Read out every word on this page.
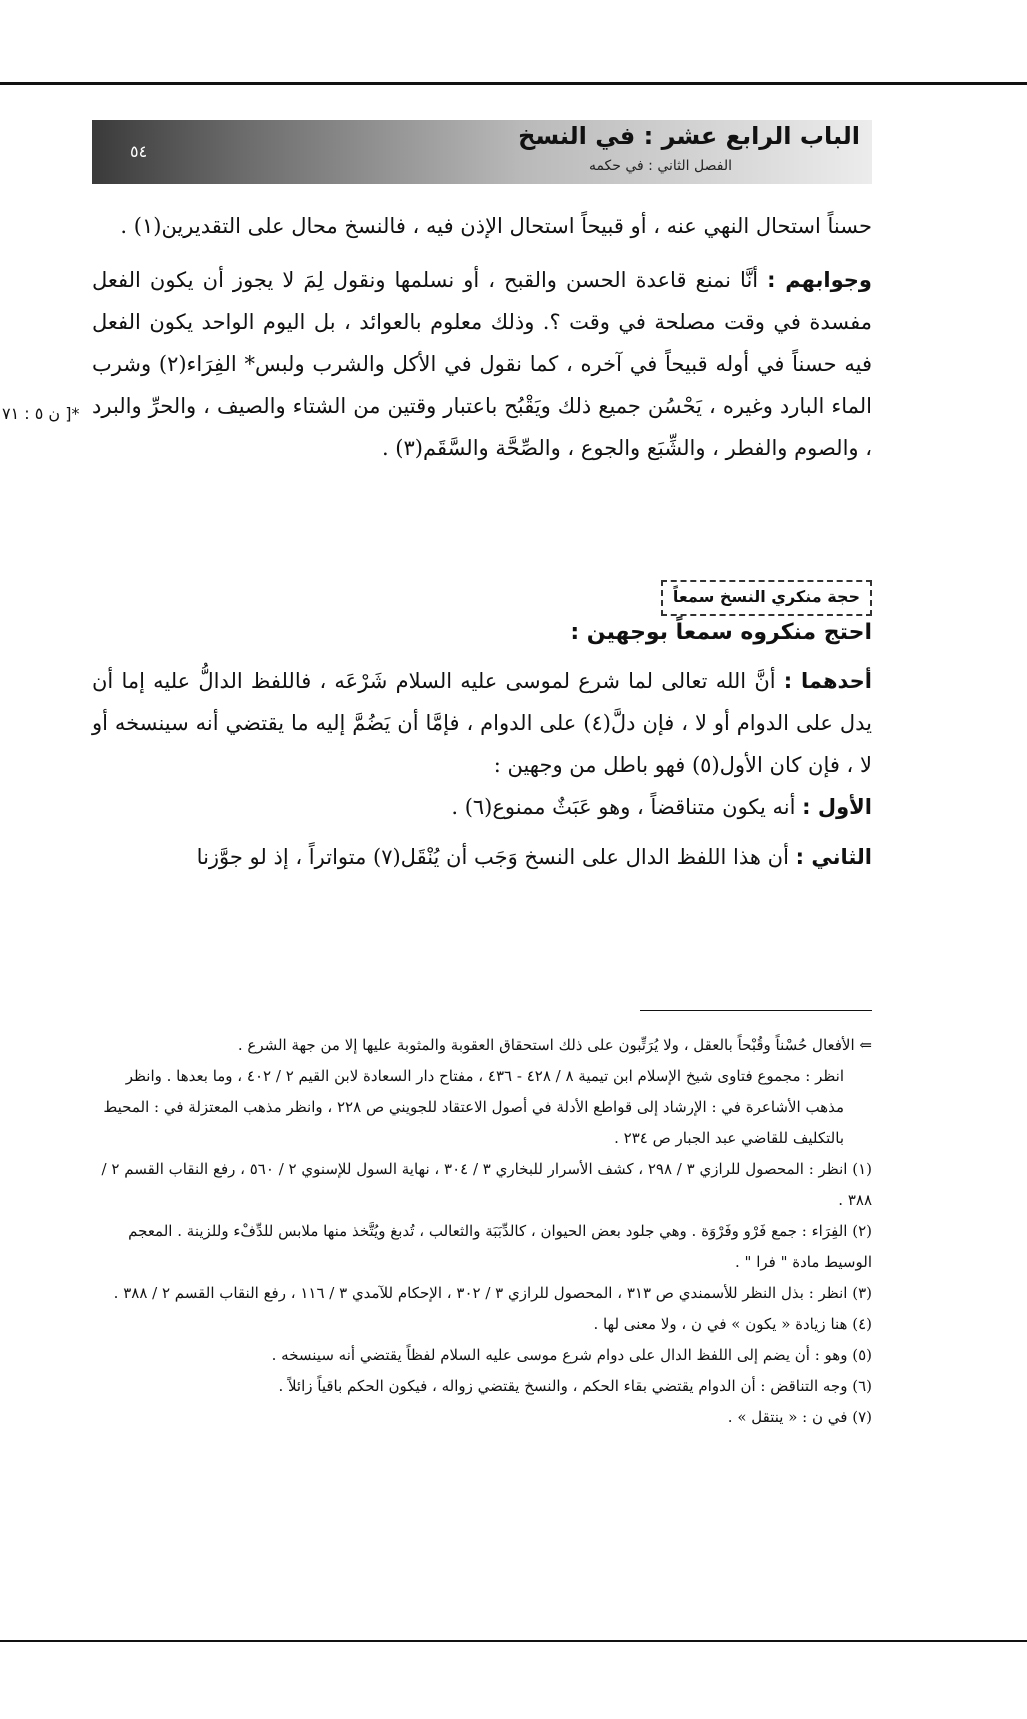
٥٤
الباب الرابع عشر : في النسخ
الفصل الثاني : في حكمه
*[ ن ٥ : ٧١

حسناً استحال النهي عنه ، أو قبيحاً استحال الإذن فيه ، فالنسخ محال على التقديرين(١) .

وجوابهم : أنَّا نمنع قاعدة الحسن والقبح ، أو نسلمها ونقول لِمَ لا يجوز أن يكون الفعل مفسدة في وقت مصلحة في وقت ؟. وذلك معلوم بالعوائد ، بل اليوم الواحد يكون الفعل فيه حسناً في أوله قبيحاً في آخره ، كما نقول في الأكل والشرب ولبس* الفِرَاء(٢) وشرب الماء البارد وغيره ، يَحْسُن جميع ذلك ويَقْبُح باعتبار وقتين من الشتاء والصيف ، والحرِّ والبرد ، والصوم والفطر ، والشِّبَع والجوع ، والصِّحَّة والسَّقَم(٣) .

حجة منكري النسخ سمعاً
احتج منكروه سمعاً بوجهين :

أحدهما : أنَّ الله تعالى لما شرع لموسى عليه السلام شَرْعَه ، فاللفظ الدالُّ عليه إما أن يدل على الدوام أو لا ، فإن دلَّ(٤) على الدوام ، فإمَّا أن يَضُمَّ إليه ما يقتضي أنه سينسخه أو لا ، فإن كان الأول(٥) فهو باطل من وجهين :

الأول : أنه يكون متناقضاً ، وهو عَبَثٌ ممنوع(٦) .

الثاني : أن هذا اللفظ الدال على النسخ وَجَب أن يُنْقَل(٧) متواتراً ، إذ لو جوَّزنا

⇐ الأفعال حُسْناً وقُبْحاً بالعقل ، ولا يُرَتِّبون على ذلك استحقاق العقوبة والمثوبة عليها إلا من جهة الشرع .

انظر : مجموع فتاوى شيخ الإسلام ابن تيمية ٨ / ٤٢٨ - ٤٣٦ ، مفتاح دار السعادة لابن القيم ٢ / ٤٠٢ ، وما بعدها . وانظر مذهب الأشاعرة في : الإرشاد إلى قواطع الأدلة في أصول الاعتقاد للجويني ص ٢٢٨ ، وانظر مذهب المعتزلة في : المحيط بالتكليف للقاضي عبد الجبار ص ٢٣٤ .

(١) انظر : المحصول للرازي ٣ / ٢٩٨ ، كشف الأسرار للبخاري ٣ / ٣٠٤ ، نهاية السول للإسنوي ٢ / ٥٦٠ ، رفع النقاب القسم ٢ / ٣٨٨ .

(٢) الفِرَاء : جمع فَرْو وفَرْوَة . وهي جلود بعض الحيوان ، كالدِّبَبَة والثعالب ، تُدبغ ويُتَّخذ منها ملابس للدِّفْء وللزينة . المعجم الوسيط مادة " فرا " .

(٣) انظر : بذل النظر للأسمندي ص ٣١٣ ، المحصول للرازي ٣ / ٣٠٢ ، الإحكام للآمدي ٣ / ١١٦ ، رفع النقاب القسم ٢ / ٣٨٨ .

(٤) هنا زيادة « يكون » في ن ، ولا معنى لها .

(٥) وهو : أن يضم إلى اللفظ الدال على دوام شرع موسى عليه السلام لفظاً يقتضي أنه سينسخه .

(٦) وجه التناقض : أن الدوام يقتضي بقاء الحكم ، والنسخ يقتضي زواله ، فيكون الحكم باقياً زائلاً .

(٧) في ن : « ينتقل » .
